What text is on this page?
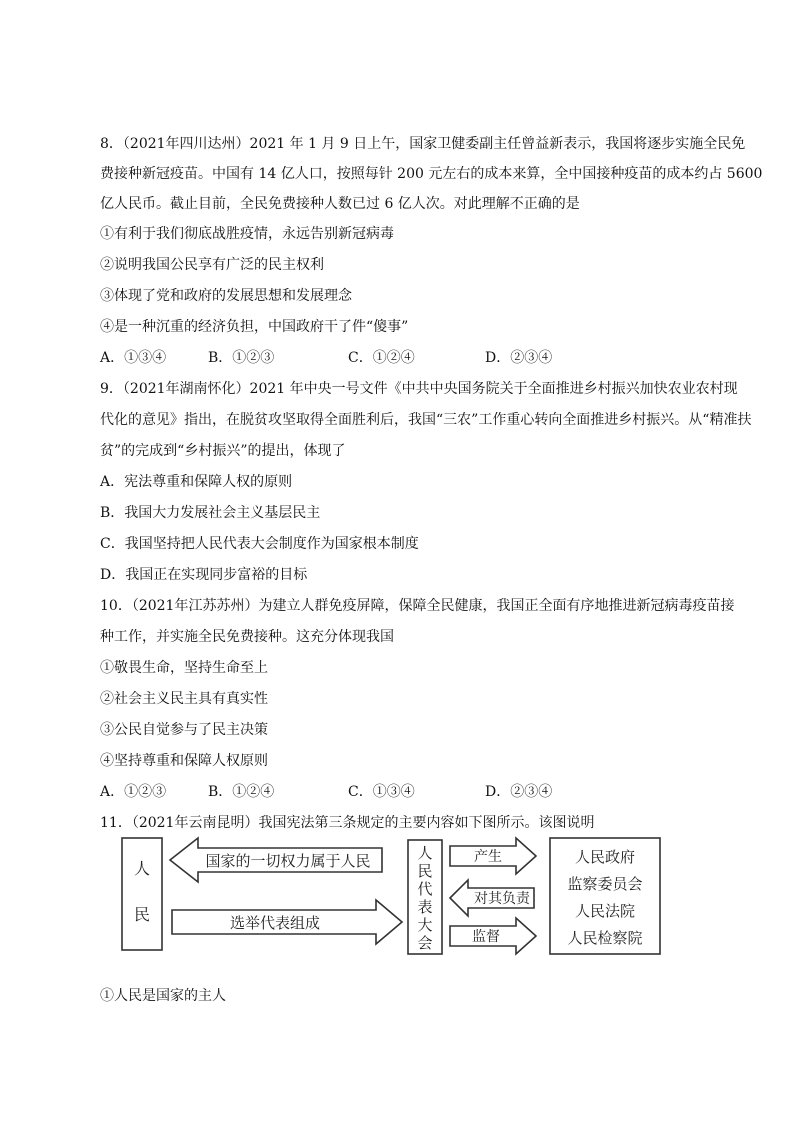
8．（2021年四川达州）2021 年 1 月 9 日上午，国家卫健委副主任曾益新表示，我国将逐步实施全民免
费接种新冠疫苗。中国有 14 亿人口，按照每针 200 元左右的成本来算，全中国接种疫苗的成本约占 5600
亿人民币。截止目前，全民免费接种人数已过 6 亿人次。对此理解不正确的是
①有利于我们彻底战胜疫情，永远告别新冠病毒
②说明我国公民享有广泛的民主权利
③体现了党和政府的发展思想和发展理念
④是一种沉重的经济负担，中国政府干了件“傻事”
A．①③④	B．①②③	C．①②④	D．②③④
9．（2021年湖南怀化）2021 年中央一号文件《中共中央国务院关于全面推进乡村振兴加快农业农村现
代化的意见》指出，在脱贫攻坚取得全面胜利后，我国“三农”工作重心转向全面推进乡村振兴。从“精准扶
贫”的完成到“乡村振兴”的提出，体现了
A．宪法尊重和保障人权的原则
B．我国大力发展社会主义基层民主
C．我国坚持把人民代表大会制度作为国家根本制度
D．我国正在实现同步富裕的目标
10．（2021年江苏苏州）为建立人群免疫屏障，保障全民健康，我国正全面有序地推进新冠病毒疫苗接
种工作，并实施全民免费接种。这充分体现我国
①敬畏生命，坚持生命至上
②社会主义民主具有真实性
③公民自觉参与了民主决策
④坚持尊重和保障人权原则
A．①②③	B．①②④	C．①③④	D．②③④
11．（2021年云南昆明）我国宪法第三条规定的主要内容如下图所示。该图说明
人
民
国家的一切权力属于人民
选举代表组成
人
民
代
表
大
会
产生
对其负责
监督
人民政府
监察委员会
人民法院
人民检察院
①人民是国家的主人
